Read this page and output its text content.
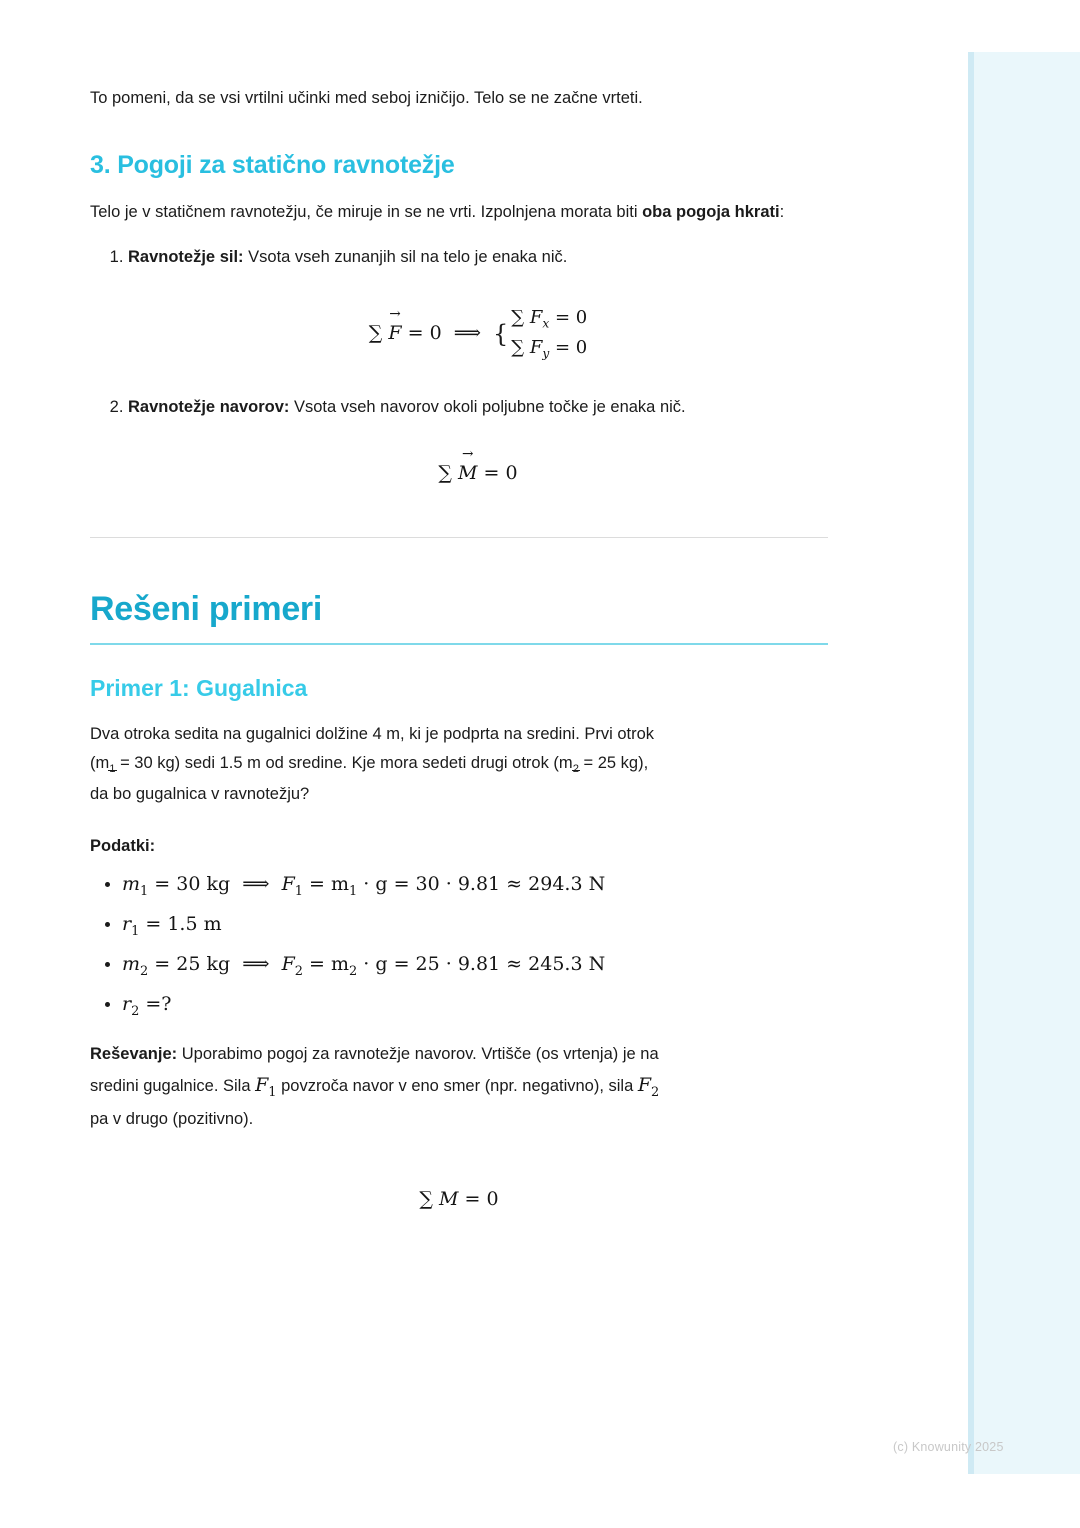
To pomeni, da se vsi vrtilni učinki med seboj izničijo. Telo se ne začne vrteti.

3. Pogoji za statično ravnotežje

Telo je v statičnem ravnotežju, če miruje in se ne vrti. Izpolnjena morata biti oba pogoja hkrati:

1. Ravnotežje sil: Vsota vseh zunanjih sil na telo je enaka nič.
∑ F → = 0 ⟹ {
∑ $F_x = 0$
∑ $F_y = 0$
2. Ravnotežje navorov: Vsota vseh navorov okoli poljubne točke je enaka nič.
∑ M → = 0
Rešeni primeri
Primer 1: Gugalnica

Dva otroka sedita na gugalnici dolžine 4 m, ki je podprta na sredini. Prvi otrok
($m_1 = 30$ kg) sedi 1.5 m od sredine. Kje mora sedeti drugi otrok ($m_2 = 25$ kg),
da bo gugalnica v ravnotežju?

Podatki:

• $m_1 = 30$ kg ⟹ $F_1 = m_1 \cdot g = 30 \cdot 9.81 \approx 294.3$ N
• $r_1 = 1.5$ m
• $m_2 = 25$ kg ⟹ $F_2 = m_2 \cdot g = 25 \cdot 9.81 \approx 245.3$ N
• $r_2$ =?

Reševanje: Uporabimo pogoj za ravnotežje navorov. Vrtišče (os vrtenja) je na
sredini gugalnice. Sila $F_1$ povzroča navor v eno smer (npr. negativno), sila $F_2$
pa v drugo (pozitivno).

∑ M = 0
(c) Knowunity 2025
